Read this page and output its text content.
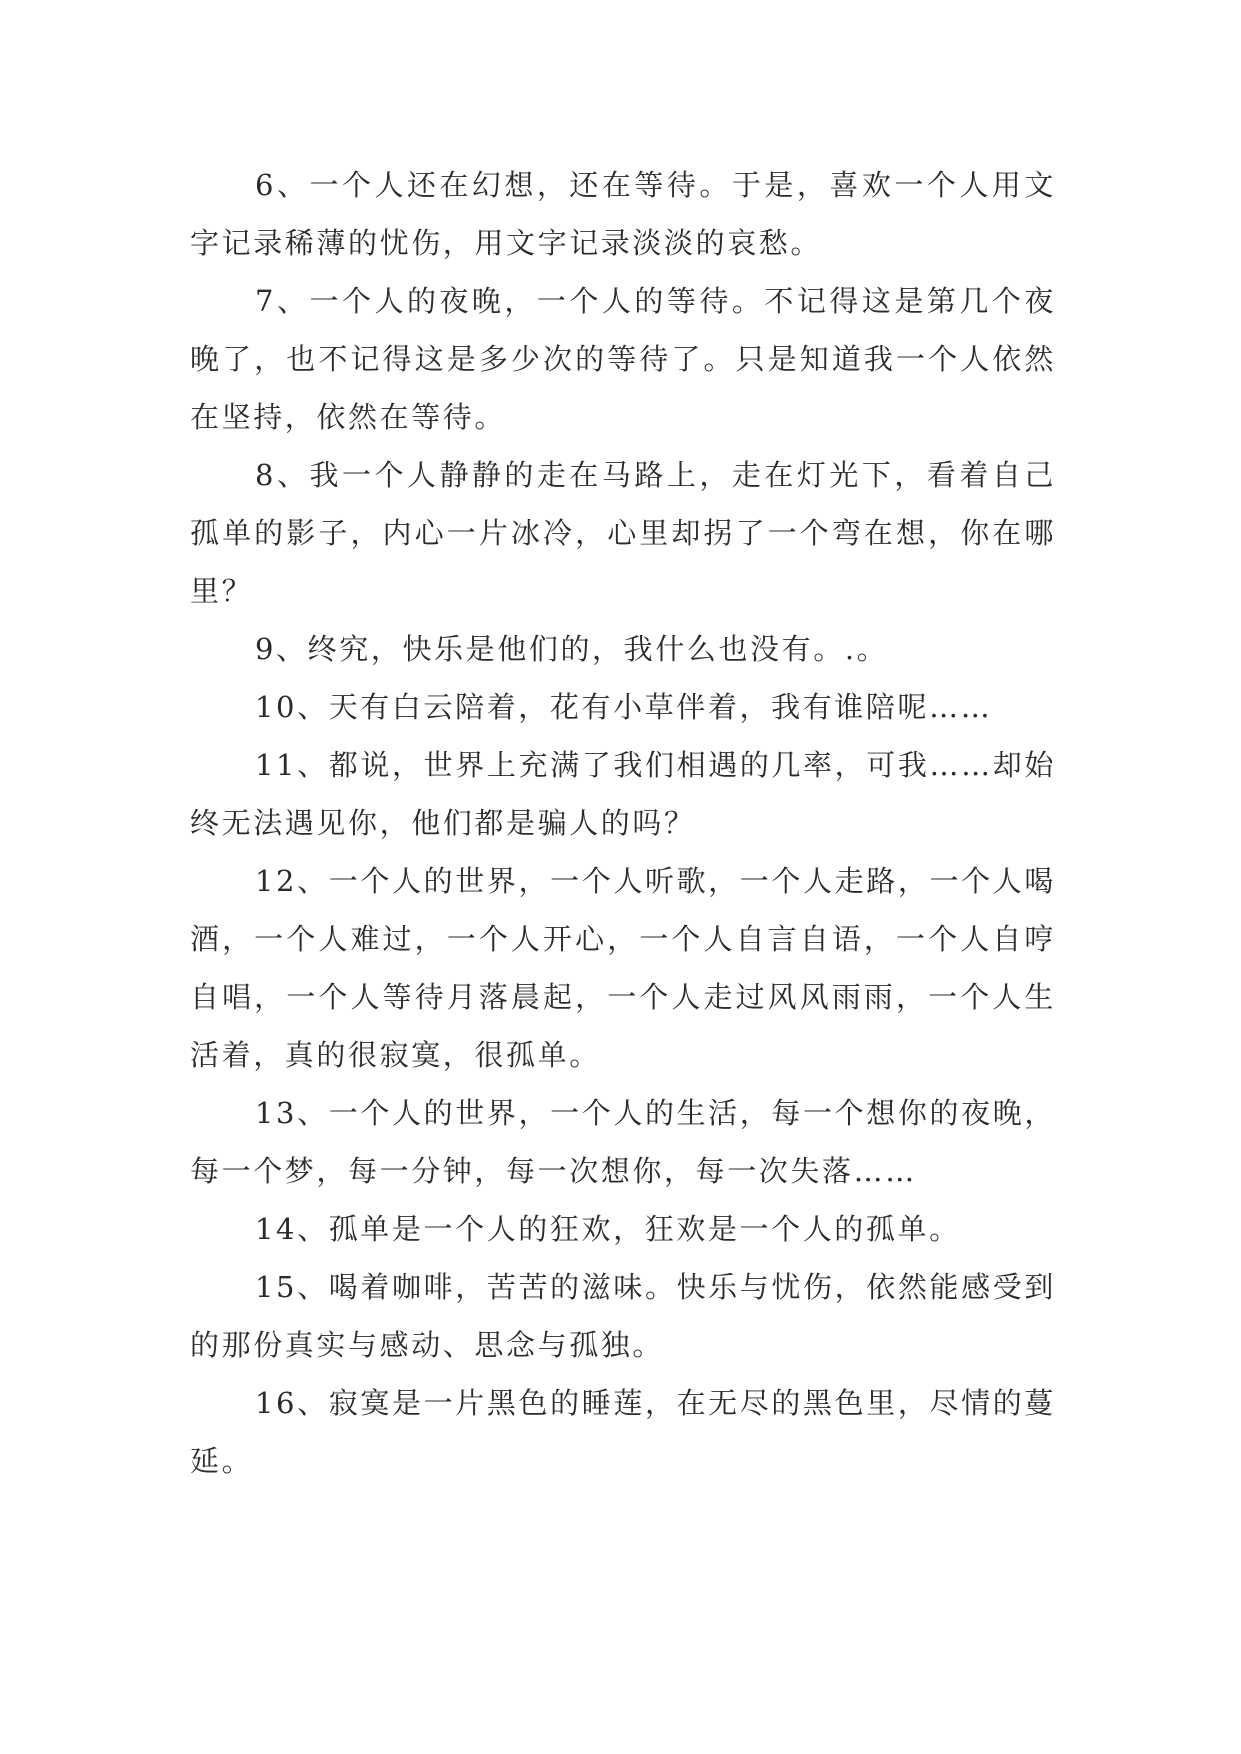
6、一个人还在幻想，还在等待。于是，喜欢一个人用文字记录稀薄的忧伤，用文字记录淡淡的哀愁。

7、一个人的夜晚，一个人的等待。不记得这是第几个夜晚了，也不记得这是多少次的等待了。只是知道我一个人依然在坚持，依然在等待。

8、我一个人静静的走在马路上，走在灯光下，看着自己孤单的影子，内心一片冰冷，心里却拐了一个弯在想，你在哪里？

9、终究，快乐是他们的，我什么也没有。.。

10、天有白云陪着，花有小草伴着，我有谁陪呢……

11、都说，世界上充满了我们相遇的几率，可我……却始终无法遇见你，他们都是骗人的吗？

12、一个人的世界，一个人听歌，一个人走路，一个人喝酒，一个人难过，一个人开心，一个人自言自语，一个人自哼自唱，一个人等待月落晨起，一个人走过风风雨雨，一个人生活着，真的很寂寞，很孤单。

13、一个人的世界，一个人的生活，每一个想你的夜晚，每一个梦，每一分钟，每一次想你，每一次失落……

14、孤单是一个人的狂欢，狂欢是一个人的孤单。

15、喝着咖啡，苦苦的滋味。快乐与忧伤，依然能感受到的那份真实与感动、思念与孤独。

16、寂寞是一片黑色的睡莲，在无尽的黑色里，尽情的蔓延。
